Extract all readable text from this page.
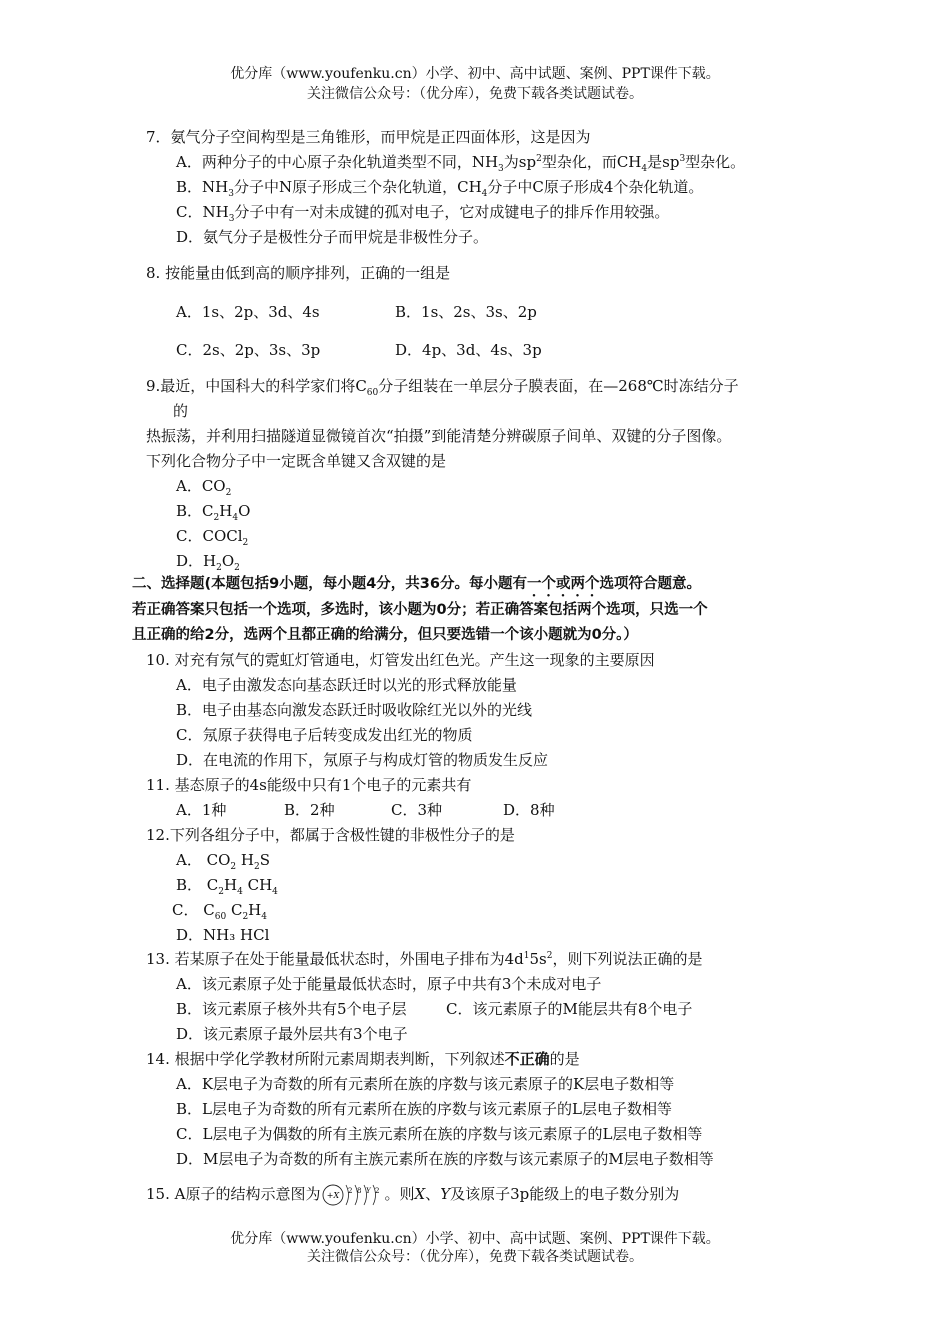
优分库（www.youfenku.cn）小学、初中、高中试题、案例、PPT课件下载。
关注微信公众号：（优分库），免费下载各类试题试卷。
7．氨气分子空间构型是三角锥形，而甲烷是正四面体形，这是因为
A．两种分子的中心原子杂化轨道类型不同，$NH_3$为$sp^2$型杂化，而$CH_4$是$sp^3$型杂化。
B．$NH_3$分子中N原子形成三个杂化轨道，$CH_4$分子中C原子形成4个杂化轨道。
C．$NH_3$分子中有一对未成键的孤对电子，它对成键电子的排斥作用较强。
D．氨气分子是极性分子而甲烷是非极性分子。
8. 按能量由低到高的顺序排列，正确的一组是
A．1s、2p、3d、4s	B．1s、2s、3s、2p
C．2s、2p、3s、3p	D．4p、3d、4s、3p
9.最近，中国科大的科学家们将$C_{60}$分子组装在一单层分子膜表面，在—268℃时冻结分子
的
热振荡，并利用扫描隧道显微镜首次“拍摄”到能清楚分辨碳原子间单、双键的分子图像。
下列化合物分子中一定既含单键又含双键的是
A．$CO_2$
B．$C_2H_4O$
C．COCl$_2$
D．$H_2O_2$
二、选择题(本题包括9小题，每小题4分，共36分。每小题有一个或两个选项符合题意。
若正确答案只包括一个选项，多选时，该小题为0分；若正确答案包括两个选项，只选一个
且正确的给2分，选两个且都正确的给满分，但只要选错一个该小题就为0分。）
10. 对充有氖气的霓虹灯管通电，灯管发出红色光。产生这一现象的主要原因
A．电子由激发态向基态跃迁时以光的形式释放能量
B．电子由基态向激发态跃迁时吸收除红光以外的光线
C．氖原子获得电子后转变成发出红光的物质
D．在电流的作用下，氖原子与构成灯管的物质发生反应
11. 基态原子的4s能级中只有1个电子的元素共有
A．1种	B．2种	C．3种	D．8种
12.下列各组分子中，都属于含极性键的非极性分子的是
A． $CO_2$ $H_2S$
B． $C_2H_4$ $CH_4$
C． $C_{60}$ $C_2H_4$
D．NH₃ HCl
13. 若某原子在处于能量最低状态时，外围电子排布为$4d^15s^2$，则下列说法正确的是
A．该元素原子处于能量最低状态时，原子中共有3个未成对电子
B．该元素原子核外共有5个电子层	C．该元素原子的M能层共有8个电子
D．该元素原子最外层共有3个电子
14. 根据中学化学教材所附元素周期表判断，下列叙述不正确的是
A．K层电子为奇数的所有元素所在族的序数与该元素原子的K层电子数相等
B．L层电子为奇数的所有元素所在族的序数与该元素原子的L层电子数相等
C．L层电子为偶数的所有主族元素所在族的序数与该元素原子的L层电子数相等
D．M层电子为奇数的所有主族元素所在族的序数与该元素原子的M层电子数相等
15. A原子的结构示意图为 +X 2 8 Y 2 。则X、Y及该原子3p能级上的电子数分别为
优分库（www.youfenku.cn）小学、初中、高中试题、案例、PPT课件下载。
关注微信公众号：（优分库），免费下载各类试题试卷。
